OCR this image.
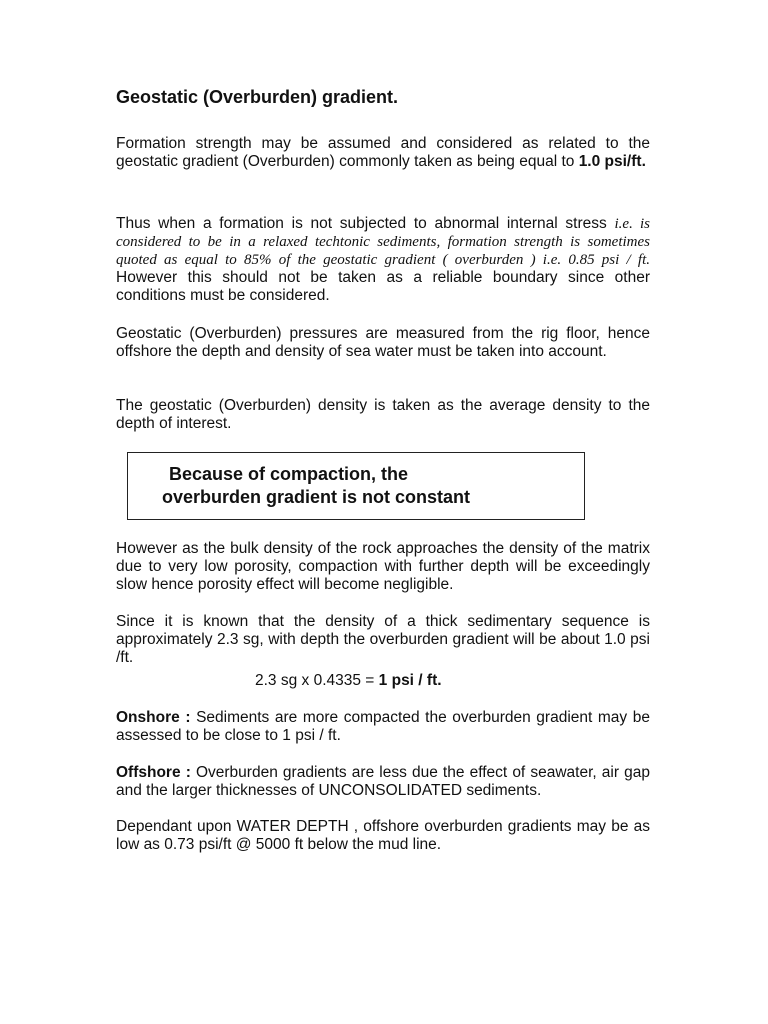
Geostatic (Overburden) gradient.

Formation strength may be assumed and considered as related to the geostatic gradient (Overburden) commonly taken as being equal to 1.0 psi/ft.

Thus when a formation is not subjected to abnormal internal stress i.e. is considered to be in a relaxed techtonic sediments, formation strength is sometimes quoted as equal to 85% of the geostatic gradient ( overburden ) i.e. 0.85 psi / ft. However this should not be taken as a reliable boundary since other conditions must be considered.

Geostatic (Overburden) pressures are measured from the rig floor, hence offshore the depth and density of sea water must be taken into account.

The geostatic (Overburden) density is taken as the average density to the depth of interest.

Because of compaction, the
overburden gradient is not constant

However as the bulk density of the rock approaches the density of the matrix due to very low porosity, compaction with further depth will be exceedingly slow hence porosity effect will become negligible.

Since it is known that the density of a thick sedimentary sequence is approximately 2.3 sg, with depth the overburden gradient will be about 1.0 psi /ft.

2.3 sg x 0.4335 = 1 psi / ft.

Onshore : Sediments are more compacted the overburden gradient may be assessed to be close to 1 psi / ft.

Offshore : Overburden gradients are less due the effect of seawater, air gap and the larger thicknesses of UNCONSOLIDATED sediments.

Dependant upon WATER DEPTH , offshore overburden gradients may be as low as 0.73 psi/ft @ 5000 ft below the mud line.
